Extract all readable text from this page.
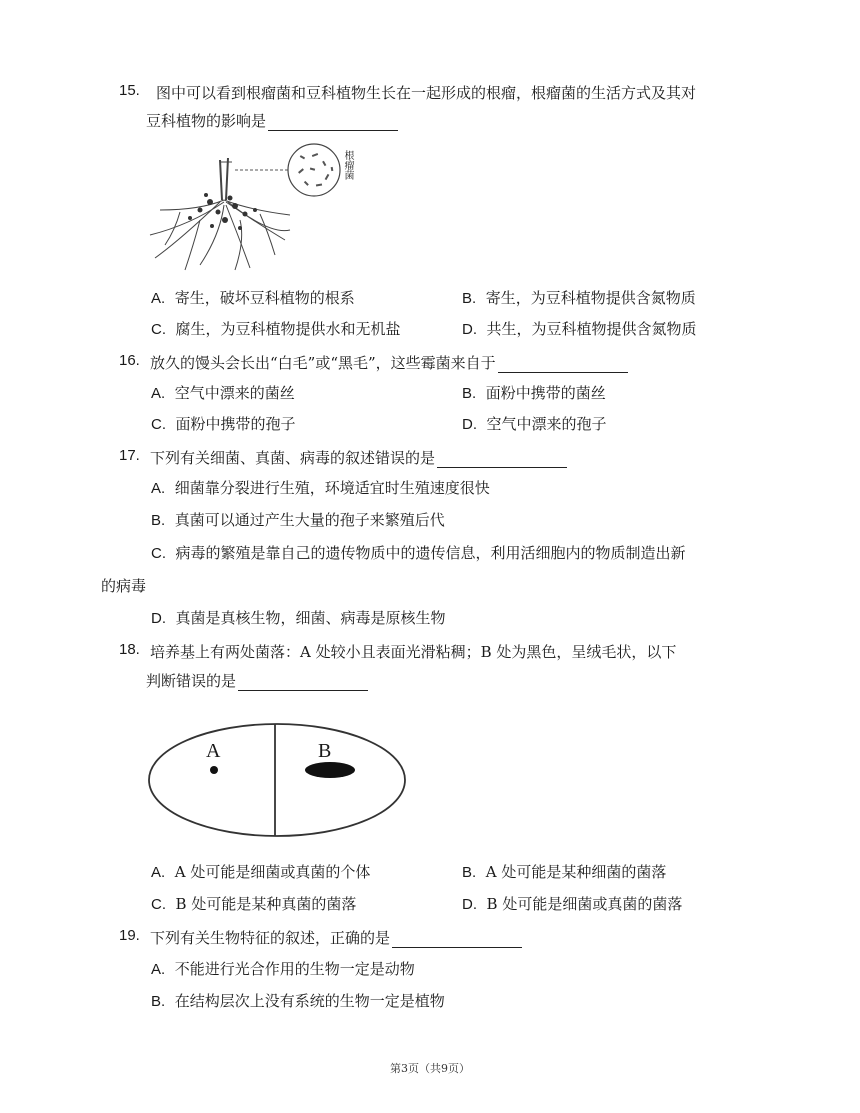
15. 图中可以看到根瘤菌和豆科植物生长在一起形成的根瘤，根瘤菌的生活方式及其对
豆科植物的影响是
根瘤菌
A. 寄生，破坏豆科植物的根系	B. 寄生，为豆科植物提供含氮物质
C. 腐生，为豆科植物提供水和无机盐	D. 共生，为豆科植物提供含氮物质
16. 放久的馒头会长出“白毛”或“黑毛”，这些霉菌来自于
A. 空气中漂来的菌丝	B. 面粉中携带的菌丝
C. 面粉中携带的孢子	D. 空气中漂来的孢子
17. 下列有关细菌、真菌、病毒的叙述错误的是
A. 细菌靠分裂进行生殖，环境适宜时生殖速度很快
B. 真菌可以通过产生大量的孢子来繁殖后代
C. 病毒的繁殖是靠自己的遗传物质中的遗传信息，利用活细胞内的物质制造出新
的病毒
D. 真菌是真核生物，细菌、病毒是原核生物
18. 培养基上有两处菌落：A 处较小且表面光滑粘稠；B 处为黑色，呈绒毛状，以下
判断错误的是
A	B
A. A 处可能是细菌或真菌的个体	B. A 处可能是某种细菌的菌落
C. B 处可能是某种真菌的菌落	D. B 处可能是细菌或真菌的菌落
19. 下列有关生物特征的叙述，正确的是
A. 不能进行光合作用的生物一定是动物
B. 在结构层次上没有系统的生物一定是植物
第3页（共9页）
